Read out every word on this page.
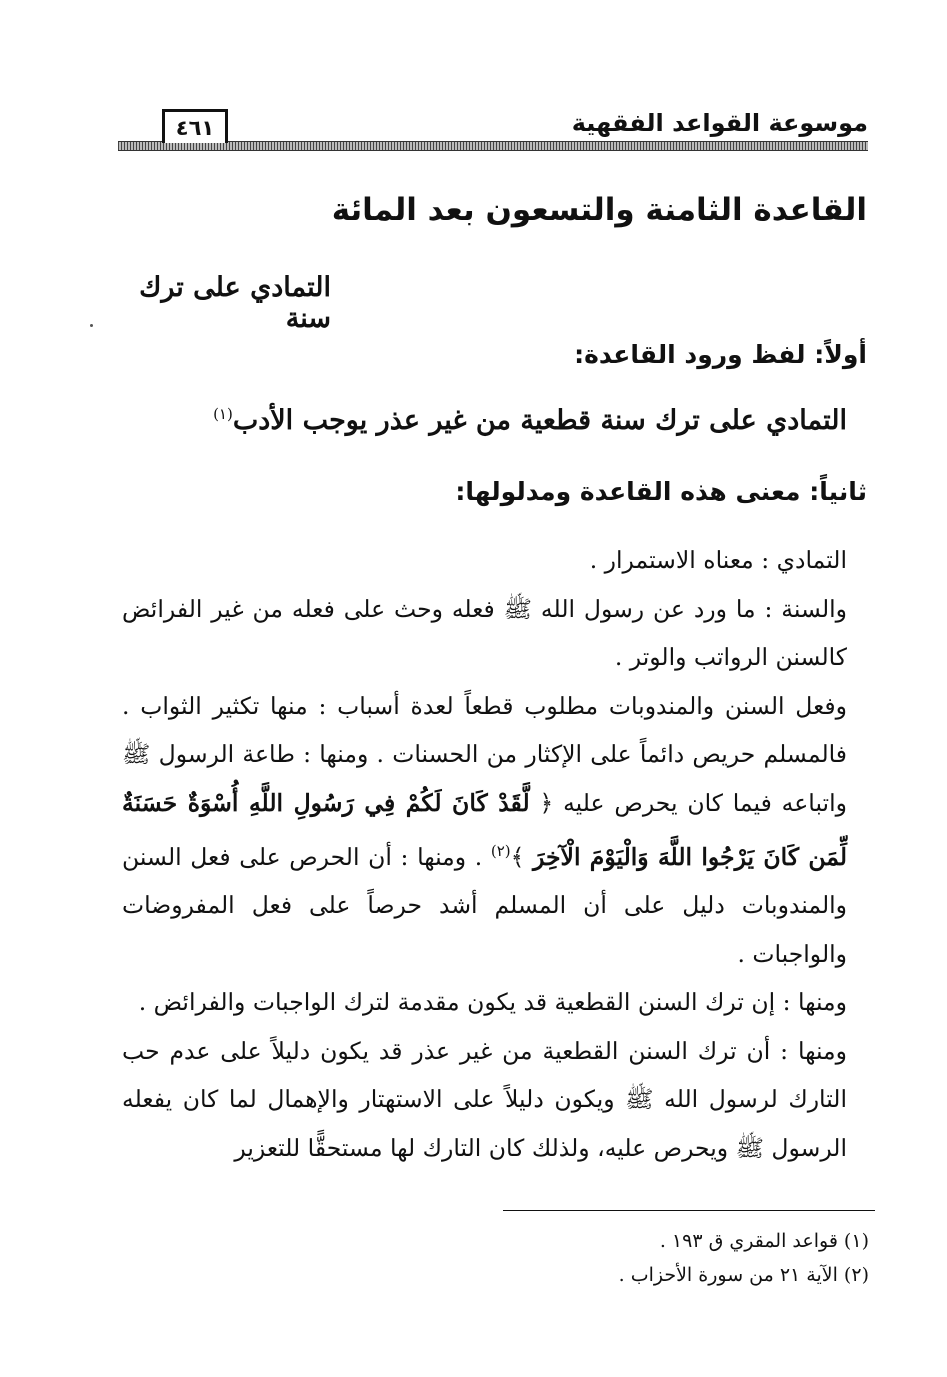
موسوعة القواعد الفقهية
٤٦١
القاعدة الثامنة والتسعون بعد المائة
التمادي على ترك سنة
أولاً: لفظ ورود القاعدة:
التمادي على ترك سنة قطعية من غير عذر يوجب الأدب$^{(١)}$
ثانياً: معنى هذه القاعدة ومدلولها:

التمادي : معناه الاستمرار .

والسنة : ما ورد عن رسول الله ﷺ فعله وحث على فعله من غير الفرائض كالسنن الرواتب والوتر .

وفعل السنن والمندوبات مطلوب قطعاً لعدة أسباب : منها تكثير الثواب . فالمسلم حريص دائماً على الإكثار من الحسنات . ومنها : طاعة الرسول ﷺ واتباعه فيما كان يحرص عليه ﴿ لَّقَدْ كَانَ لَكُمْ فِي رَسُولِ اللَّهِ أُسْوَةٌ حَسَنَةٌ لِّمَن كَانَ يَرْجُوا اللَّهَ وَالْيَوْمَ الْآخِرَ ﴾$^{(٢)}$ . ومنها : أن الحرص على فعل السنن والمندوبات دليل على أن المسلم أشد حرصاً على فعل المفروضات والواجبات .

ومنها : إن ترك السنن القطعية قد يكون مقدمة لترك الواجبات والفرائض .

ومنها : أن ترك السنن القطعية من غير عذر قد يكون دليلاً على عدم حب التارك لرسول الله ﷺ ويكون دليلاً على الاستهتار والإهمال لما كان يفعله الرسول ﷺ ويحرص عليه، ولذلك كان التارك لها مستحقًّا للتعزير

(١) قواعد المقري ق ١٩٣ .
(٢) الآية ٢١ من سورة الأحزاب .
